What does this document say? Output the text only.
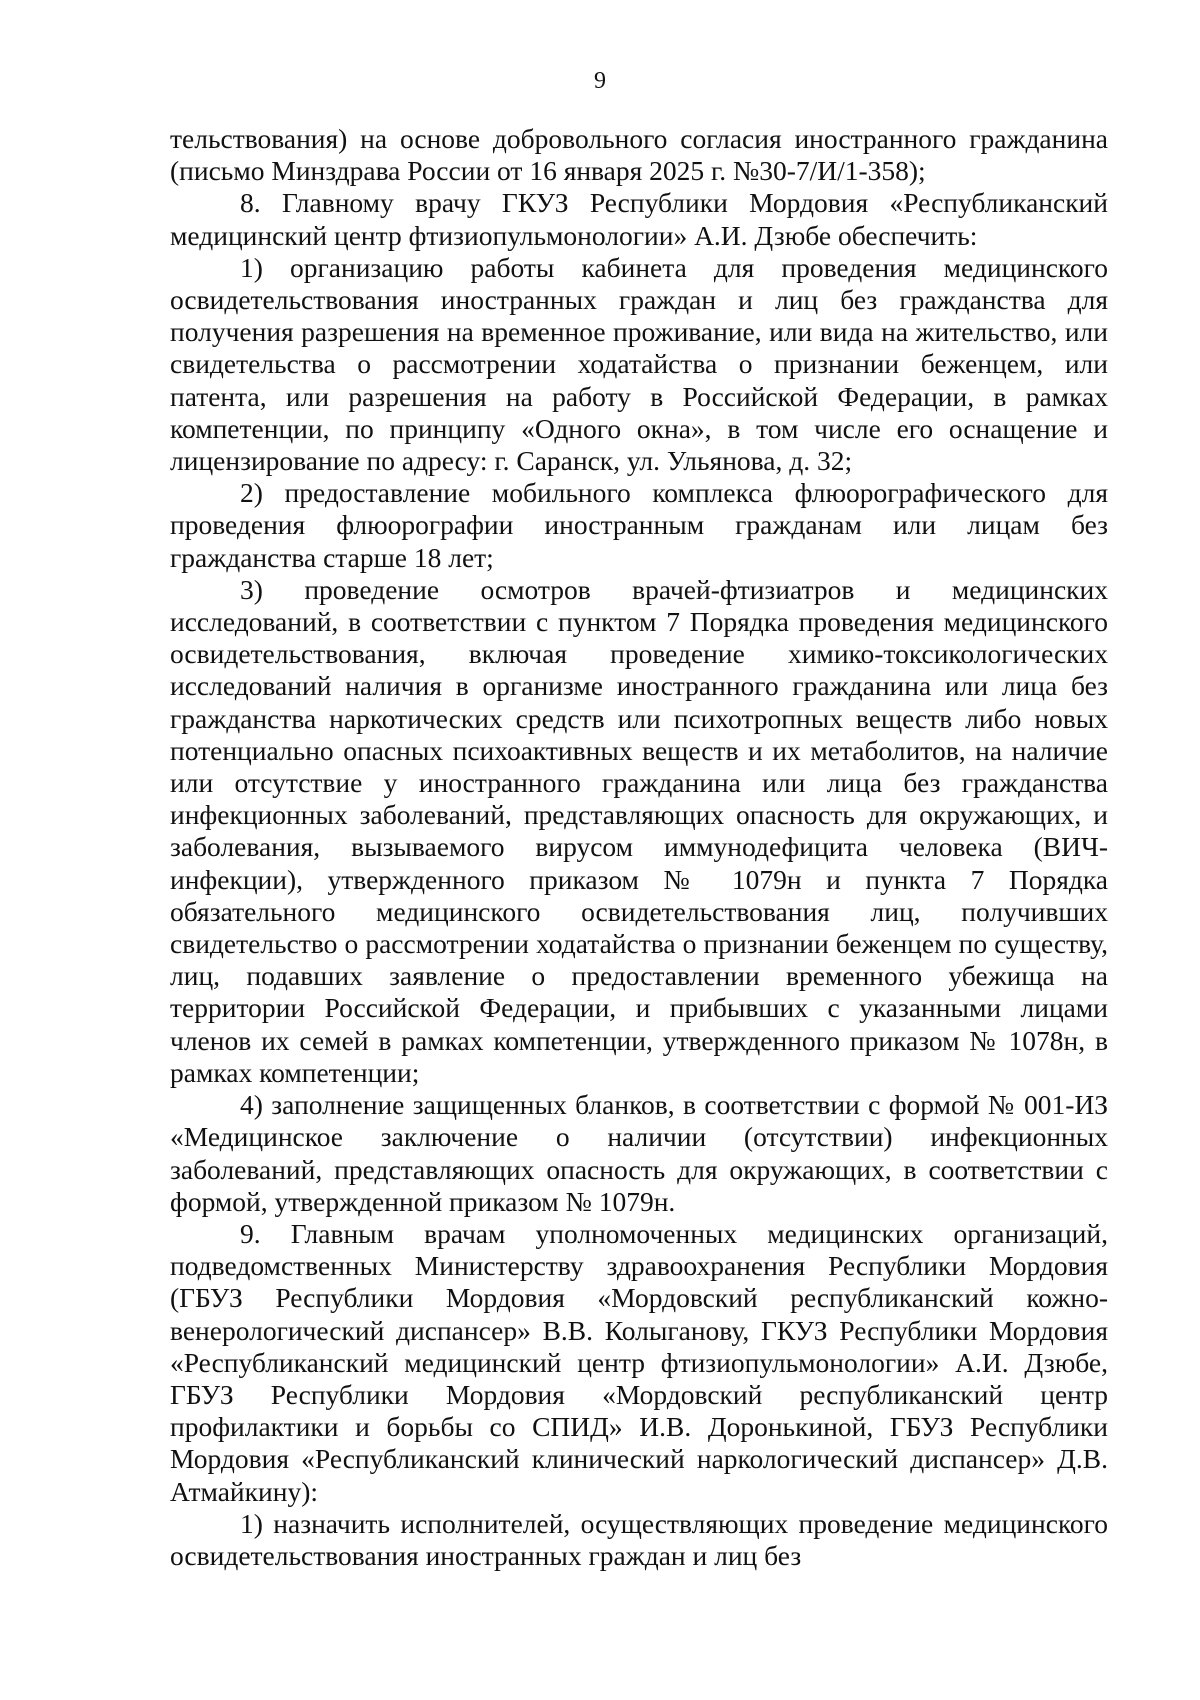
9

тельствования) на основе добровольного согласия иностранного гражданина (письмо Минздрава России от 16 января 2025 г. №30-7/И/1-358);

8. Главному врачу ГКУЗ Республики Мордовия «Республиканский медицинский центр фтизиопульмонологии» А.И. Дзюбе обеспечить:

1) организацию работы кабинета для проведения медицинского освидетельствования иностранных граждан и лиц без гражданства для получения разрешения на временное проживание, или вида на жительство, или свидетельства о рассмотрении ходатайства о признании беженцем, или патента, или разрешения на работу в Российской Федерации, в рамках компетенции, по принципу «Одного окна», в том числе его оснащение и лицензирование по адресу: г. Саранск, ул. Ульянова, д. 32;

2) предоставление мобильного комплекса флюорографического для проведения флюорографии иностранным гражданам или лицам без гражданства старше 18 лет;

3) проведение осмотров врачей-фтизиатров и медицинских исследований, в соответствии с пунктом 7 Порядка проведения медицинского освидетельствования, включая проведение химико-токсикологических исследований наличия в организме иностранного гражданина или лица без гражданства наркотических средств или психотропных веществ либо новых потенциально опасных психоактивных веществ и их метаболитов, на наличие или отсутствие у иностранного гражданина или лица без гражданства инфекционных заболеваний, представляющих опасность для окружающих, и заболевания, вызываемого вирусом иммунодефицита человека (ВИЧ-инфекции), утвержденного приказом № 1079н и пункта 7 Порядка обязательного медицинского освидетельствования лиц, получивших свидетельство о рассмотрении ходатайства о признании беженцем по существу, лиц, подавших заявление о предоставлении временного убежища на территории Российской Федерации, и прибывших с указанными лицами членов их семей в рамках компетенции, утвержденного приказом № 1078н, в рамках компетенции;

4) заполнение защищенных бланков, в соответствии с формой № 001-ИЗ «Медицинское заключение о наличии (отсутствии) инфекционных заболеваний, представляющих опасность для окружающих, в соответствии с формой, утвержденной приказом № 1079н.

9. Главным врачам уполномоченных медицинских организаций, подведомственных Министерству здравоохранения Республики Мордовия (ГБУЗ Республики Мордовия «Мордовский республиканский кожно-венерологический диспансер» В.В. Колыганову, ГКУЗ Республики Мордовия «Республиканский медицинский центр фтизиопульмонологии» А.И. Дзюбе, ГБУЗ Республики Мордовия «Мордовский республиканский центр профилактики и борьбы со СПИД» И.В. Доронькиной, ГБУЗ Республики Мордовия «Республиканский клинический наркологический диспансер» Д.В. Атмайкину):

1) назначить исполнителей, осуществляющих проведение медицинского освидетельствования иностранных граждан и лиц без
